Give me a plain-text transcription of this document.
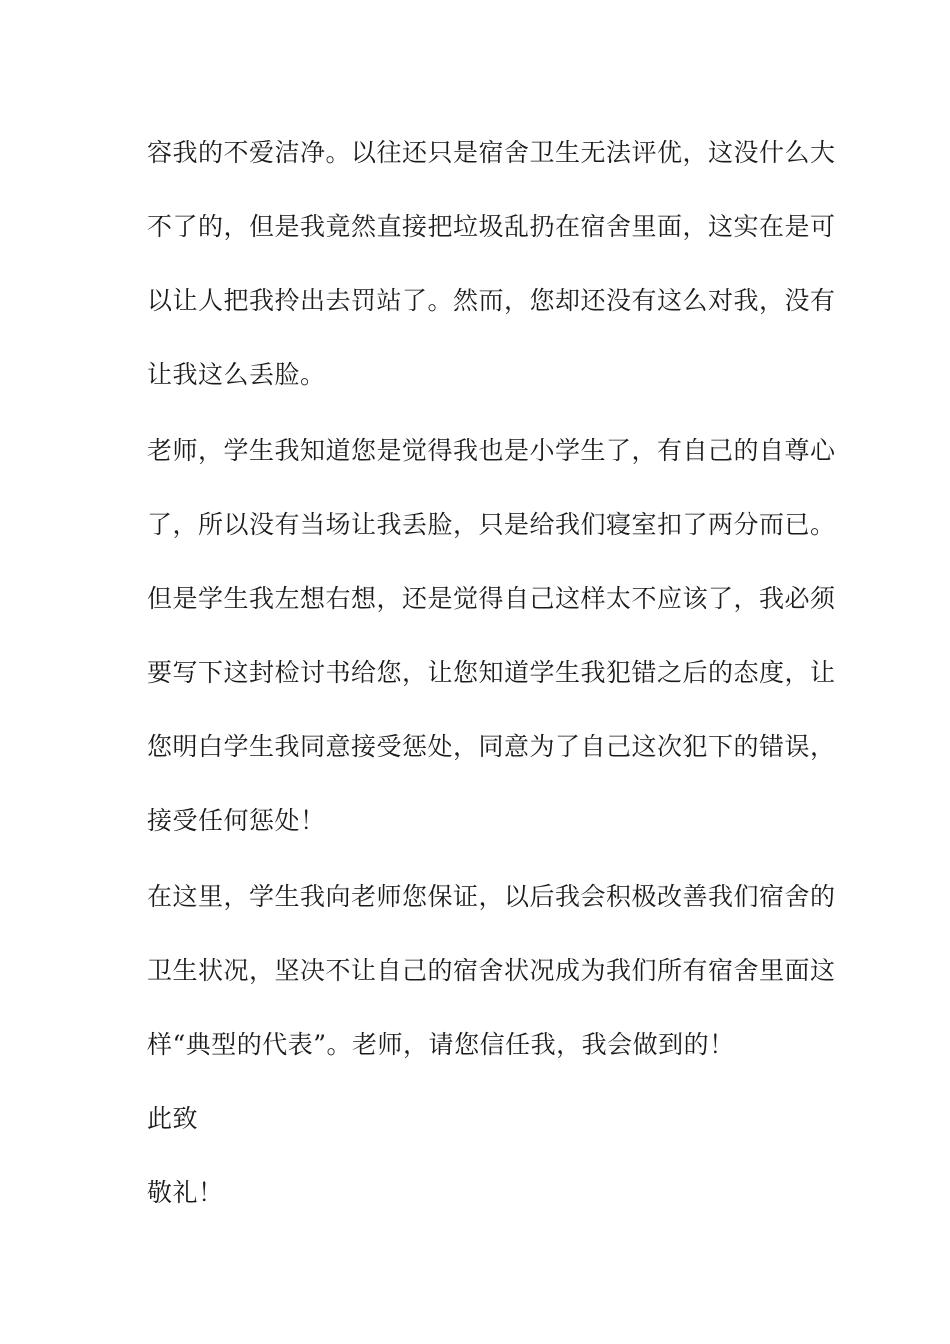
容我的不爱洁净。以往还只是宿舍卫生无法评优，这没什么大
不了的，但是我竟然直接把垃圾乱扔在宿舍里面，这实在是可
以让人把我拎出去罚站了。然而，您却还没有这么对我，没有
让我这么丢脸。
老师，学生我知道您是觉得我也是小学生了，有自己的自尊心
了，所以没有当场让我丢脸，只是给我们寝室扣了两分而已。
但是学生我左想右想，还是觉得自己这样太不应该了，我必须
要写下这封检讨书给您，让您知道学生我犯错之后的态度，让
您明白学生我同意接受惩处，同意为了自己这次犯下的错误，
接受任何惩处！
在这里，学生我向老师您保证，以后我会积极改善我们宿舍的
卫生状况，坚决不让自己的宿舍状况成为我们所有宿舍里面这
样“典型的代表”。老师，请您信任我，我会做到的！
此致
敬礼！
